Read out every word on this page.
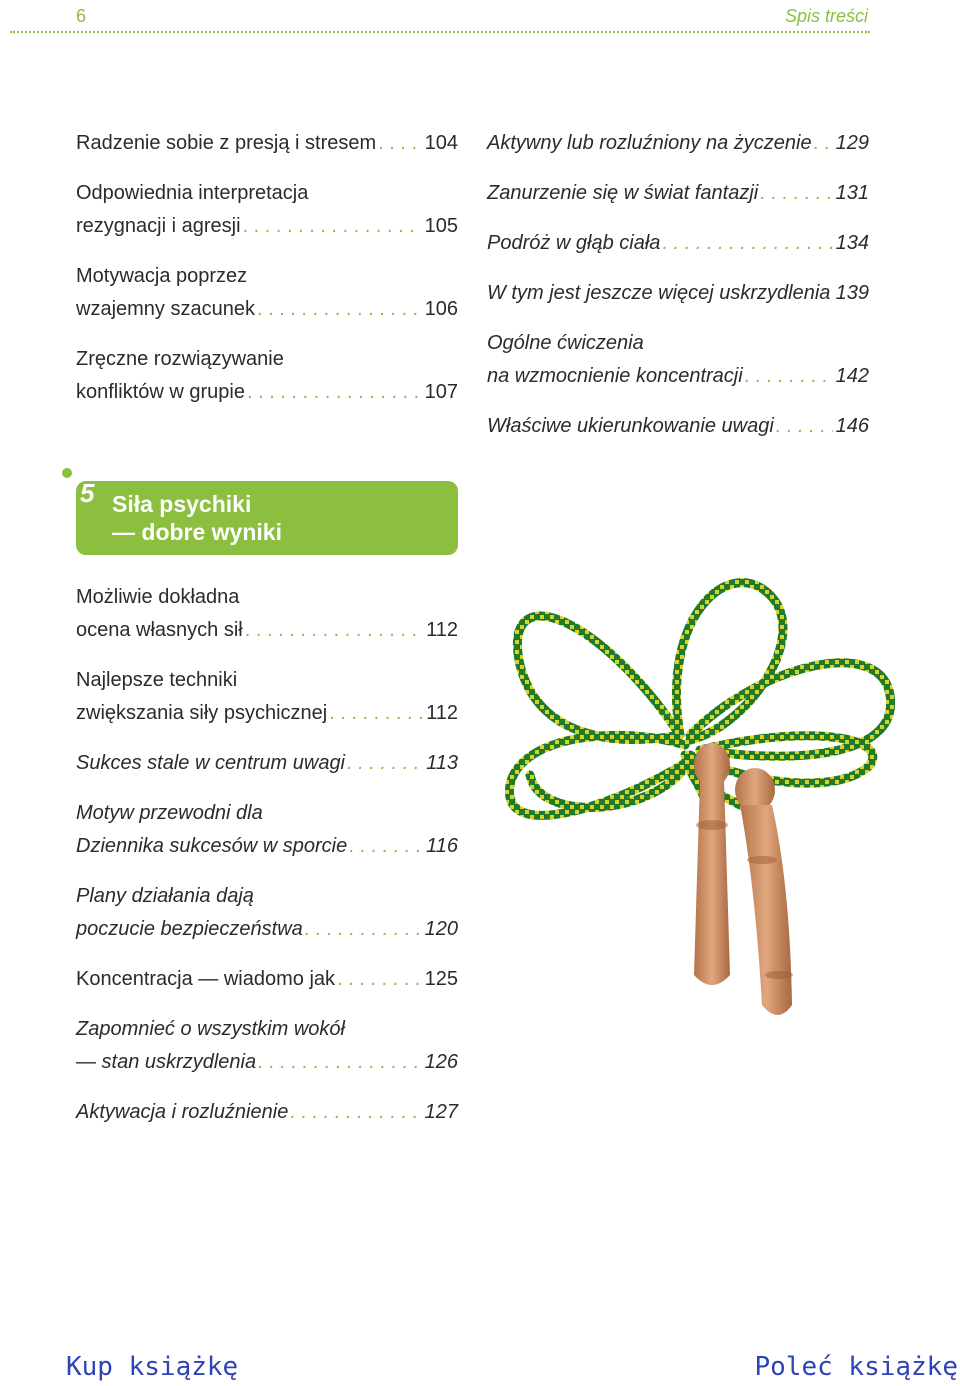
6	Spis treści
Radzenie sobie z presją i stresem . . . 104
Odpowiednia interpretacja
rezygnacji i agresji . . .	105
Motywacja poprzez
wzajemny szacunek . . .	106
Zręczne rozwiązywanie
konfliktów w grupie . . .	107
Aktywny lub rozluźniony na życzenie . . . 129
Zanurzenie się w świat fantazji . . .	131
Podróż w głąb ciała . . .	134
W tym jest jeszcze więcej uskrzydlenia . . . 139
Ogólne ćwiczenia
na wzmocnienie koncentracji . . .	142
Właściwe ukierunkowanie uwagi . . .	146
5 Siła psychiki
— dobre wyniki
Możliwie dokładna
ocena własnych sił . . .	112
Najlepsze techniki
zwiększania siły psychicznej . . .	112
Sukces stale w centrum uwagi . . .	113
Motyw przewodni dla
Dziennika sukcesów w sporcie . . .	116
Plany działania dają
poczucie bezpieczeństwa . . .	120
Koncentracja — wiadomo jak . . .	125
Zapomnieć o wszystkim wokół
— stan uskrzydlenia . . .	126
Aktywacja i rozluźnienie . . .	127
Kup książkę	Poleć książkę
